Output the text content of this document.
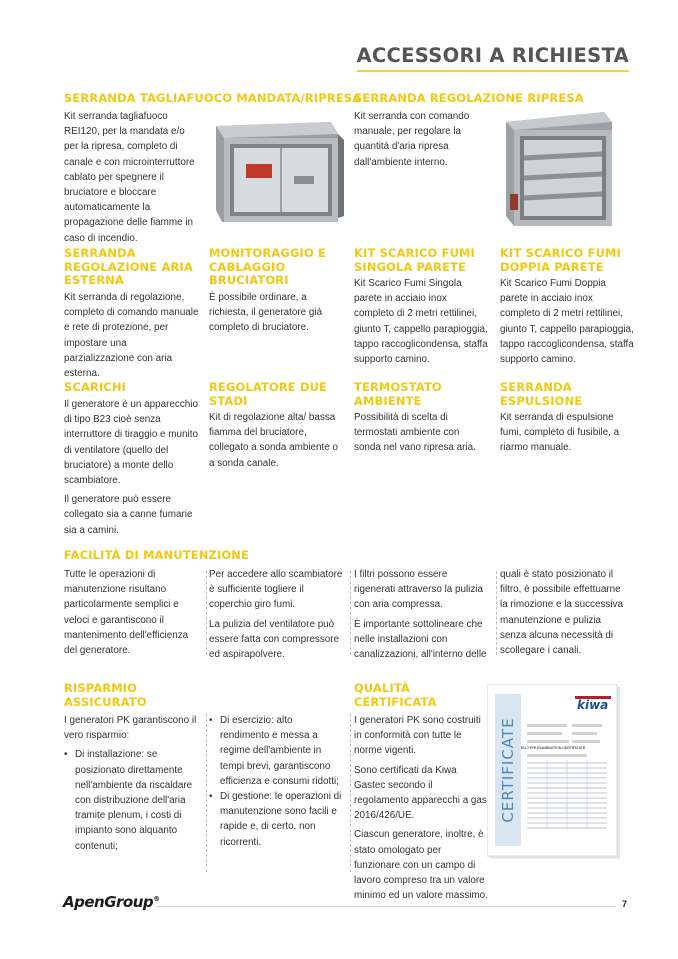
ACCESSORI A RICHIESTA
SERRANDA TAGLIAFUOCO MANDATA/RIPRESA

Kit serranda tagliafuoco REI120, per la mandata e/o per la ripresa, completo di canale e con microinterruttore cablato per spegnere il bruciatore e bloccare automaticamente la propagazione delle fiamme in caso di incendio.

SERRANDA REGOLAZIONE RIPRESA

Kit serranda con comando manuale, per regolare la quantità d'aria ripresa dall'ambiente interno.

SERRANDA REGOLAZIONE ARIA ESTERNA

Kit serranda di regolazione, completo di comando manuale e rete di protezione, per impostare una parzializzazione con aria esterna.

MONITORAGGIO E CABLAGGIO BRUCIATORI

È possibile ordinare, a richiesta, il generatore già completo di bruciatore.

KIT SCARICO FUMI SINGOLA PARETE

Kit Scarico Fumi Singola parete in acciaio inox completo di 2 metri rettilinei, giunto T, cappello parapioggia, tappo raccoglicondensa, staffa supporto camino.

KIT SCARICO FUMI DOPPIA PARETE

Kit Scarico Fumi Doppia parete in acciaio inox completo di 2 metri rettilinei, giunto T, cappello parapioggia, tappo raccoglicondensa, staffa supporto camino.

SCARICHI

Il generatore è un apparecchio di tipo B23 cioè senza interruttore di tiraggio e munito di ventilatore (quello del bruciatore) a monte dello scambiatore.

Il generatore può essere collegato sia a canne fumarie sia a camini.

REGOLATORE DUE STADI

Kit di regolazione alta/ bassa fiamma del bruciatore, collegato a sonda ambiente o a sonda canale.

TERMOSTATO AMBIENTE

Possibilità di scelta di termostati ambiente con sonda nel vano ripresa aria.

SERRANDA ESPULSIONE

Kit serranda di espulsione fumi, completo di fusibile, a riarmo manuale.

FACILITÀ DI MANUTENZIONE

Tutte le operazioni di manutenzione risultano particolarmente semplici e veloci e garantiscono il mantenimento dell'efficienza del generatore.

Per accedere allo scambiatore è sufficiente togliere il coperchio giro fumi.

La pulizia del ventilatore può essere fatta con compressore ed aspirapolvere.

I filtri possono essere rigenerati attraverso la pulizia con aria compressa.

È importante sottolineare che nelle installazioni con canalizzazioni, all'interno delle

quali è stato posizionato il filtro, è possibile effettuarne la rimozione e la successiva manutenzione e pulizia senza alcuna necessità di scollegare i canali.

RISPARMIO ASSICURATO

I generatori PK garantiscono il vero risparmio:

• Di installazione: se posizionato direttamente nell'ambiente da riscaldare con distribuzione dell'aria tramite plenum, i costi di impianto sono alquanto contenuti;
• Di esercizio: alto rendimento e messa a regime dell'ambiente in tempi brevi, garantiscono efficienza e consumi ridotti;
• Di gestione: le operazioni di manutenzione sono facili e rapide e, di certo, non ricorrenti.
QUALITÀ CERTIFICATA

I generatori PK sono costruiti in conformità con tutte le norme vigenti.

Sono certificati da Kiwa Gastec secondo il regolamento apparecchi a gas 2016/426/UE.

Ciascun generatore, inoltre, è stato omologato per funzionare con un campo di lavoro compreso tra un valore minimo ed un valore massimo.

kiwa
EU-TYPE EXAMINATION CERTIFICATE
CERTIFICATE
ApenGroup®	7
